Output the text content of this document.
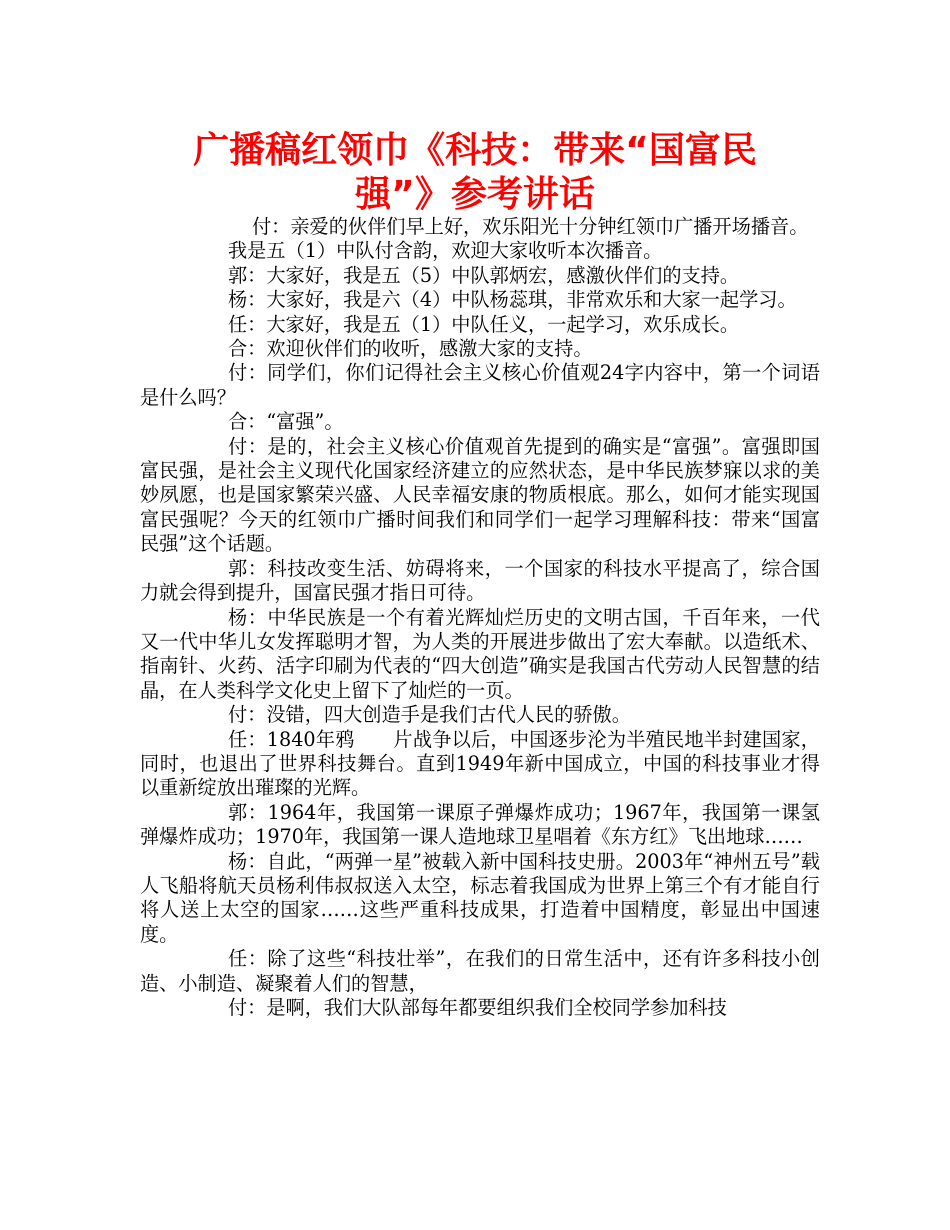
广播稿红领巾《科技：带来“国富民
强”》参考讲话

付：亲爱的伙伴们早上好，欢乐阳光十分钟红领巾广播开场播音。

我是五（1）中队付含韵，欢迎大家收听本次播音。

郭：大家好，我是五（5）中队郭炳宏，感激伙伴们的支持。

杨：大家好，我是六（4）中队杨蕊琪，非常欢乐和大家一起学习。

任：大家好，我是五（1）中队任义，一起学习，欢乐成长。

合：欢迎伙伴们的收听，感激大家的支持。

付：同学们，你们记得社会主义核心价值观24字内容中，第一个词语是什么吗？

合：“富强”。

付：是的，社会主义核心价值观首先提到的确实是“富强”。富强即国富民强，是社会主义现代化国家经济建立的应然状态，是中华民族梦寐以求的美妙夙愿，也是国家繁荣兴盛、人民幸福安康的物质根底。那么，如何才能实现国富民强呢？今天的红领巾广播时间我们和同学们一起学习理解科技：带来“国富民强”这个话题。

郭：科技改变生活、妨碍将来，一个国家的科技水平提高了，综合国力就会得到提升，国富民强才指日可待。

杨：中华民族是一个有着光辉灿烂历史的文明古国，千百年来，一代又一代中华儿女发挥聪明才智，为人类的开展进步做出了宏大奉献。以造纸术、指南针、火药、活字印刷为代表的“四大创造”确实是我国古代劳动人民智慧的结晶，在人类科学文化史上留下了灿烂的一页。

付：没错，四大创造手是我们古代人民的骄傲。

任：1840年鸦　　片战争以后，中国逐步沦为半殖民地半封建国家，同时，也退出了世界科技舞台。直到1949年新中国成立，中国的科技事业才得以重新绽放出璀璨的光辉。

郭：1964年，我国第一课原子弹爆炸成功；1967年，我国第一课氢弹爆炸成功；1970年，我国第一课人造地球卫星唱着《东方红》飞出地球……

杨：自此，“两弹一星”被载入新中国科技史册。2003年“神州五号”载人飞船将航天员杨利伟叔叔送入太空，标志着我国成为世界上第三个有才能自行将人送上太空的国家……这些严重科技成果，打造着中国精度，彰显出中国速度。

任：除了这些“科技壮举”，在我们的日常生活中，还有许多科技小创造、小制造、凝聚着人们的智慧，

付：是啊，我们大队部每年都要组织我们全校同学参加科技
